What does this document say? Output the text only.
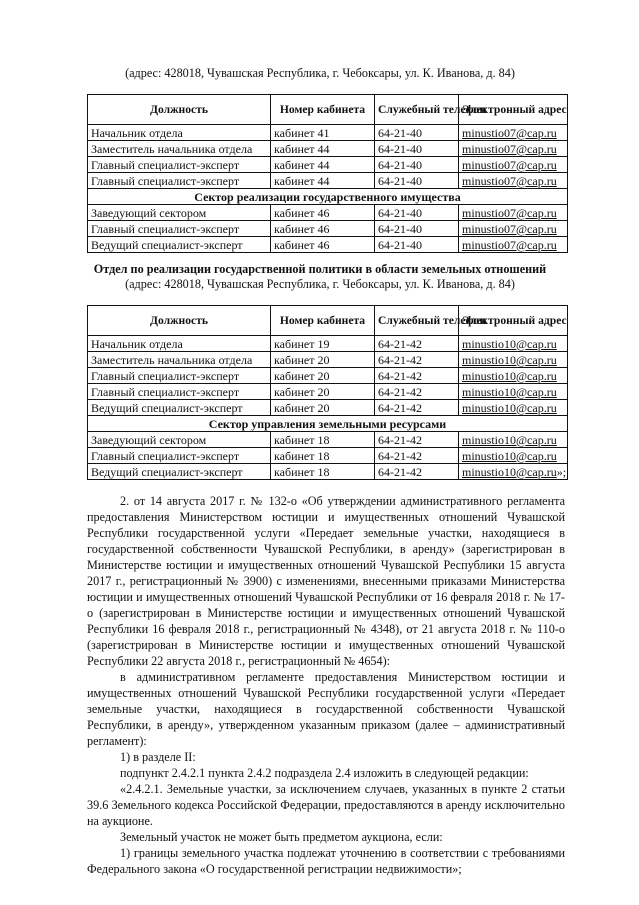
(адрес: 428018, Чувашская Республика, г. Чебоксары, ул. К. Иванова, д. 84)
Должность	Номер кабинета	Служебный телефон	Электронный адрес
Начальник отдела	кабинет 41	64-21-40	minustio07@cap.ru
Заместитель начальника отдела	кабинет 44	64-21-40	minustio07@cap.ru
Главный специалист-эксперт	кабинет 44	64-21-40	minustio07@cap.ru
Главный специалист-эксперт	кабинет 44	64-21-40	minustio07@cap.ru
Сектор реализации государственного имущества			
Заведующий сектором	кабинет 46	64-21-40	minustio07@cap.ru
Главный специалист-эксперт	кабинет 46	64-21-40	minustio07@cap.ru
Ведущий специалист-эксперт	кабинет 46	64-21-40	minustio07@cap.ru
Отдел по реализации государственной политики в области земельных отношений
(адрес: 428018, Чувашская Республика, г. Чебоксары, ул. К. Иванова, д. 84)
Должность	Номер кабинета	Служебный телефон	Электронный адрес
Начальник отдела	кабинет 19	64-21-42	minustio10@cap.ru
Заместитель начальника отдела	кабинет 20	64-21-42	minustio10@cap.ru
Главный специалист-эксперт	кабинет 20	64-21-42	minustio10@cap.ru
Главный специалист-эксперт	кабинет 20	64-21-42	minustio10@cap.ru
Ведущий специалист-эксперт	кабинет 20	64-21-42	minustio10@cap.ru
Сектор управления земельными ресурсами			
Заведующий сектором	кабинет 18	64-21-42	minustio10@cap.ru
Главный специалист-эксперт	кабинет 18	64-21-42	minustio10@cap.ru
Ведущий специалист-эксперт	кабинет 18	64-21-42	minustio10@cap.ru»;

2. от 14 августа 2017 г. № 132-о «Об утверждении административного регламента предоставления Министерством юстиции и имущественных отношений Чувашской Республики государственной услуги «Передает земельные участки, находящиеся в государственной собственности Чувашской Республики, в аренду» (зарегистрирован в Министерстве юстиции и имущественных отношений Чувашской Республики 15 августа 2017 г., регистрационный № 3900) с изменениями, внесенными приказами Министерства юстиции и имущественных отношений Чувашской Республики от 16 февраля 2018 г. № 17-о (зарегистрирован в Министерстве юстиции и имущественных отношений Чувашской Республики 16 февраля 2018 г., регистрационный № 4348), от 21 августа 2018 г. № 110-о (зарегистрирован в Министерстве юстиции и имущественных отношений Чувашской Республики 22 августа 2018 г., регистрационный № 4654):

в административном регламенте предоставления Министерством юстиции и имущественных отношений Чувашской Республики государственной услуги «Передает земельные участки, находящиеся в государственной собственности Чувашской Республики, в аренду», утвержденном указанным приказом (далее – административный регламент):

1) в разделе II:

подпункт 2.4.2.1 пункта 2.4.2 подраздела 2.4 изложить в следующей редакции:

«2.4.2.1. Земельные участки, за исключением случаев, указанных в пункте 2 статьи 39.6 Земельного кодекса Российской Федерации, предоставляются в аренду исключительно на аукционе.

Земельный участок не может быть предметом аукциона, если:

1) границы земельного участка подлежат уточнению в соответствии с требованиями Федерального закона «О государственной регистрации недвижимости»;
